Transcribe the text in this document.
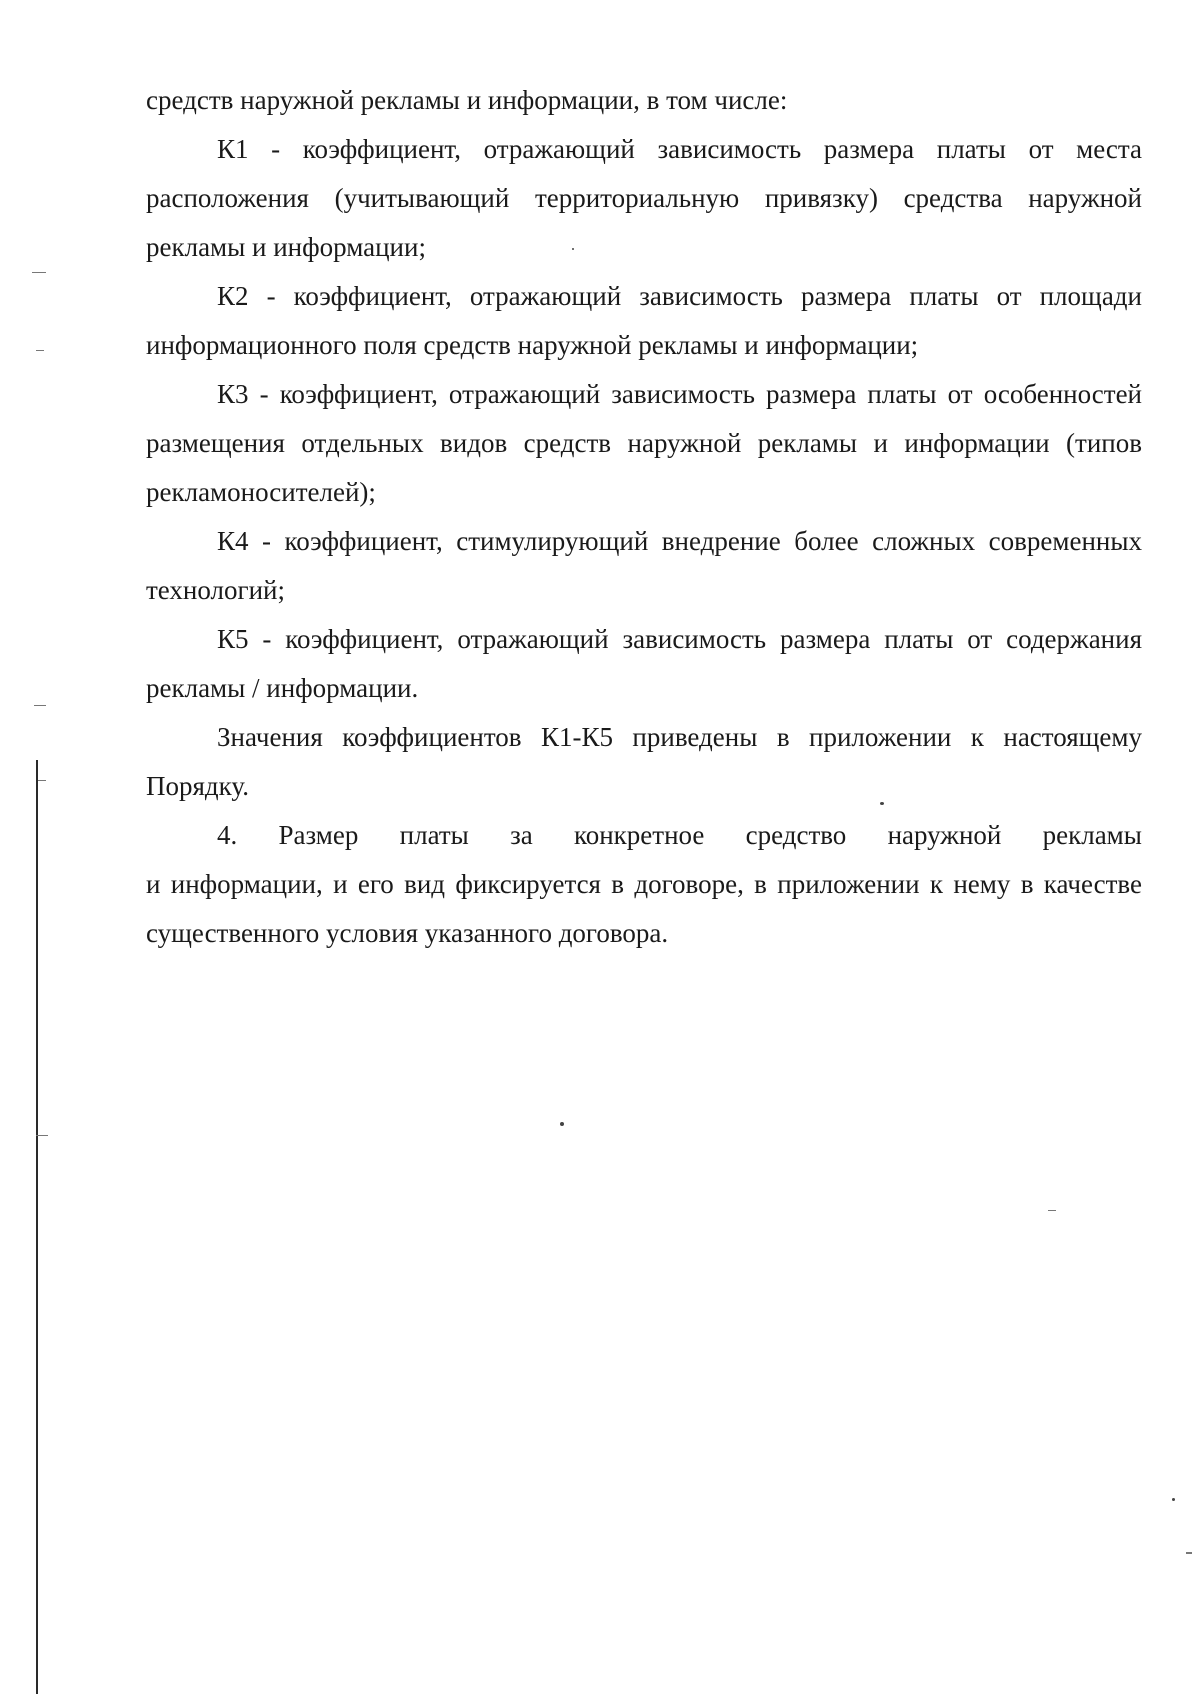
средств наружной рекламы и информации, в том числе:

К1 - коэффициент, отражающий зависимость размера платы от места расположения (учитывающий территориальную привязку) средства наружной рекламы и информации;

К2 - коэффициент, отражающий зависимость размера платы от площади информационного поля средств наружной рекламы и информации;

К3 - коэффициент, отражающий зависимость размера платы от особенностей размещения отдельных видов средств наружной рекламы и информации (типов рекламоносителей);

К4 - коэффициент, стимулирующий внедрение более сложных современных технологий;

К5 - коэффициент, отражающий зависимость размера платы от содержания рекламы / информации.

Значения коэффициентов К1-К5 приведены в приложении к настоящему Порядку.

4. Размер платы за конкретное средство наружной рекламы

и информации, и его вид фиксируется в договоре, в приложении к нему в качестве существенного условия указанного договора.
